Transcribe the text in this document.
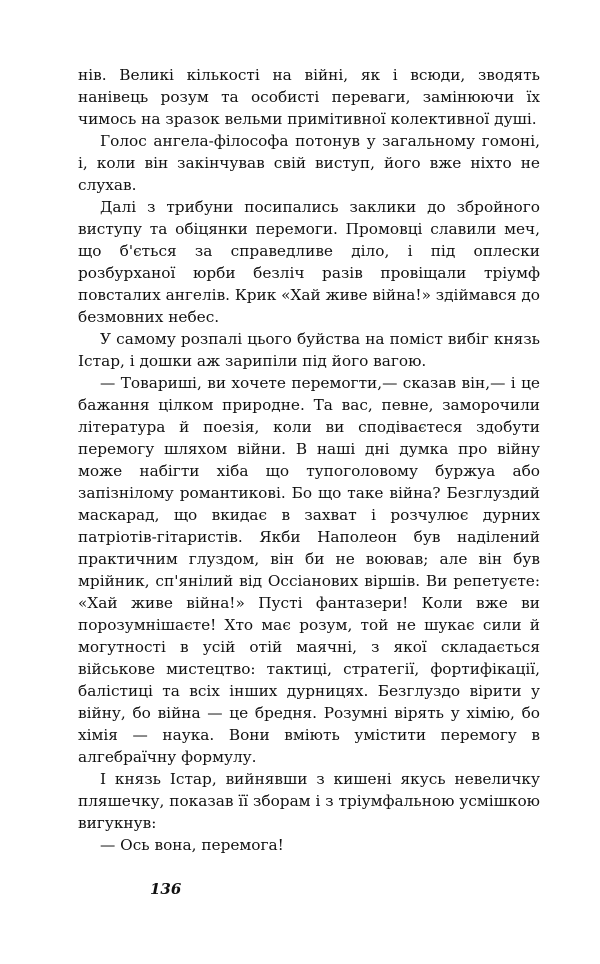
нів. Великі кількості на війні, як і всюди, зводять нанівець розум та особисті переваги, замінюючи їх чимось на зразок вельми примітивної колективної душі.

Голос ангела-філософа потонув у загальному гомоні, і, коли він закінчував свій виступ, його вже ніхто не слухав.

Далі з трибуни посипались заклики до збройного виступу та обіцянки перемоги. Промовці славили меч, що б'ється за справедливе діло, і під оплески розбурханої юрби безліч разів провіщали тріумф повсталих ангелів. Крик «Хай живе війна!» здіймався до безмовних небес.

У самому розпалі цього буйства на поміст вибіг князь Істар, і дошки аж зарипіли під його вагою.

— Товариші, ви хочете перемогти,— сказав він,— і це бажання цілком природне. Та вас, певне, заморочили література й поезія, коли ви сподіваєтеся здобути перемогу шляхом війни. В наші дні думка про війну може набігти хіба що тупоголовому буржуа або запізнілому романтикові. Бо що таке війна? Безглуздий маскарад, що вкидає в захват і розчулює дурних патріотів-гітаристів. Якби Наполеон був наділений практичним глуздом, він би не воював; але він був мрійник, сп'янілий від Оссіанових віршів. Ви репетуєте: «Хай живе війна!» Пусті фантазери! Коли вже ви порозумнішаєте! Хто має розум, той не шукає сили й могутності в усій отій маячні, з якої складається військове мистецтво: тактиці, стратегії, фортифікації, балістиці та всіх інших дурницях. Безглуздо вірити у війну, бо війна — це бредня. Розумні вірять у хімію, бо хімія — наука. Вони вміють умістити перемогу в алгебраїчну формулу.

І князь Істар, вийнявши з кишені якусь невеличку пляшечку, показав її зборам і з тріумфальною усмішкою вигукнув:

— Ось вона, перемога!

136
